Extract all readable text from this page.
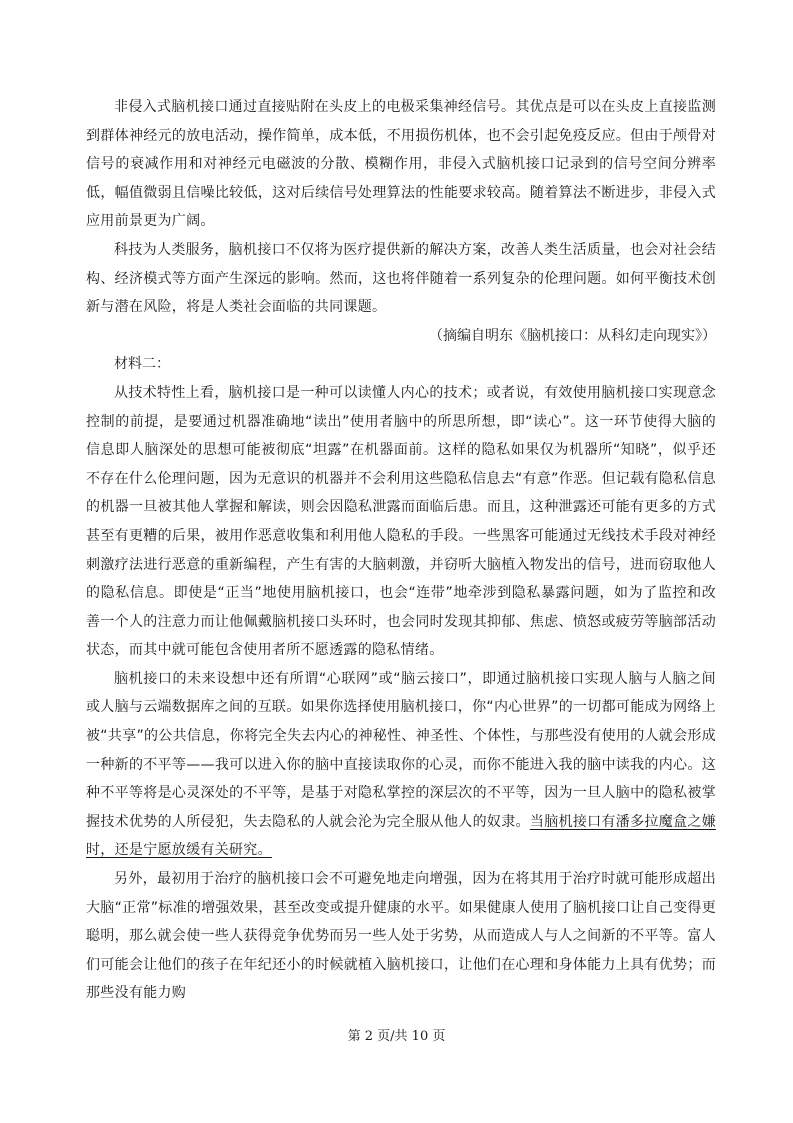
非侵入式脑机接口通过直接贴附在头皮上的电极采集神经信号。其优点是可以在头皮上直接监测到群体神经元的放电活动，操作简单，成本低，不用损伤机体，也不会引起免疫反应。但由于颅骨对信号的衰减作用和对神经元电磁波的分散、模糊作用，非侵入式脑机接口记录到的信号空间分辨率低，幅值微弱且信噪比较低，这对后续信号处理算法的性能要求较高。随着算法不断进步，非侵入式应用前景更为广阔。

科技为人类服务，脑机接口不仅将为医疗提供新的解决方案，改善人类生活质量，也会对社会结构、经济模式等方面产生深远的影响。然而，这也将伴随着一系列复杂的伦理问题。如何平衡技术创新与潜在风险，将是人类社会面临的共同课题。

（摘编自明东《脑机接口：从科幻走向现实》）

材料二：

从技术特性上看，脑机接口是一种可以读懂人内心的技术；或者说，有效使用脑机接口实现意念控制的前提，是要通过机器准确地“读出”使用者脑中的所思所想，即“读心”。这一环节使得大脑的信息即人脑深处的思想可能被彻底“坦露”在机器面前。这样的隐私如果仅为机器所“知晓”，似乎还不存在什么伦理问题，因为无意识的机器并不会利用这些隐私信息去“有意”作恶。但记载有隐私信息的机器一旦被其他人掌握和解读，则会因隐私泄露而面临后患。而且，这种泄露还可能有更多的方式甚至有更糟的后果，被用作恶意收集和利用他人隐私的手段。一些黑客可能通过无线技术手段对神经刺激疗法进行恶意的重新编程，产生有害的大脑刺激，并窃听大脑植入物发出的信号，进而窃取他人的隐私信息。即使是“正当”地使用脑机接口，也会“连带”地牵涉到隐私暴露问题，如为了监控和改善一个人的注意力而让他佩戴脑机接口头环时，也会同时发现其抑郁、焦虑、愤怒或疲劳等脑部活动状态，而其中就可能包含使用者所不愿透露的隐私情绪。

脑机接口的未来设想中还有所谓“心联网”或“脑云接口”，即通过脑机接口实现人脑与人脑之间或人脑与云端数据库之间的互联。如果你选择使用脑机接口，你“内心世界”的一切都可能成为网络上被“共享”的公共信息，你将完全失去内心的神秘性、神圣性、个体性，与那些没有使用的人就会形成一种新的不平等——我可以进入你的脑中直接读取你的心灵，而你不能进入我的脑中读我的内心。这种不平等将是心灵深处的不平等，是基于对隐私掌控的深层次的不平等，因为一旦人脑中的隐私被掌握技术优势的人所侵犯，失去隐私的人就会沦为完全服从他人的奴隶。当脑机接口有潘多拉魔盒之嫌时，还是宁愿放缓有关研究。

另外，最初用于治疗的脑机接口会不可避免地走向增强，因为在将其用于治疗时就可能形成超出大脑“正常”标准的增强效果，甚至改变或提升健康的水平。如果健康人使用了脑机接口让自己变得更聪明，那么就会使一些人获得竞争优势而另一些人处于劣势，从而造成人与人之间新的不平等。富人们可能会让他们的孩子在年纪还小的时候就植入脑机接口，让他们在心理和身体能力上具有优势；而那些没有能力购

第 2 页/共 10 页
